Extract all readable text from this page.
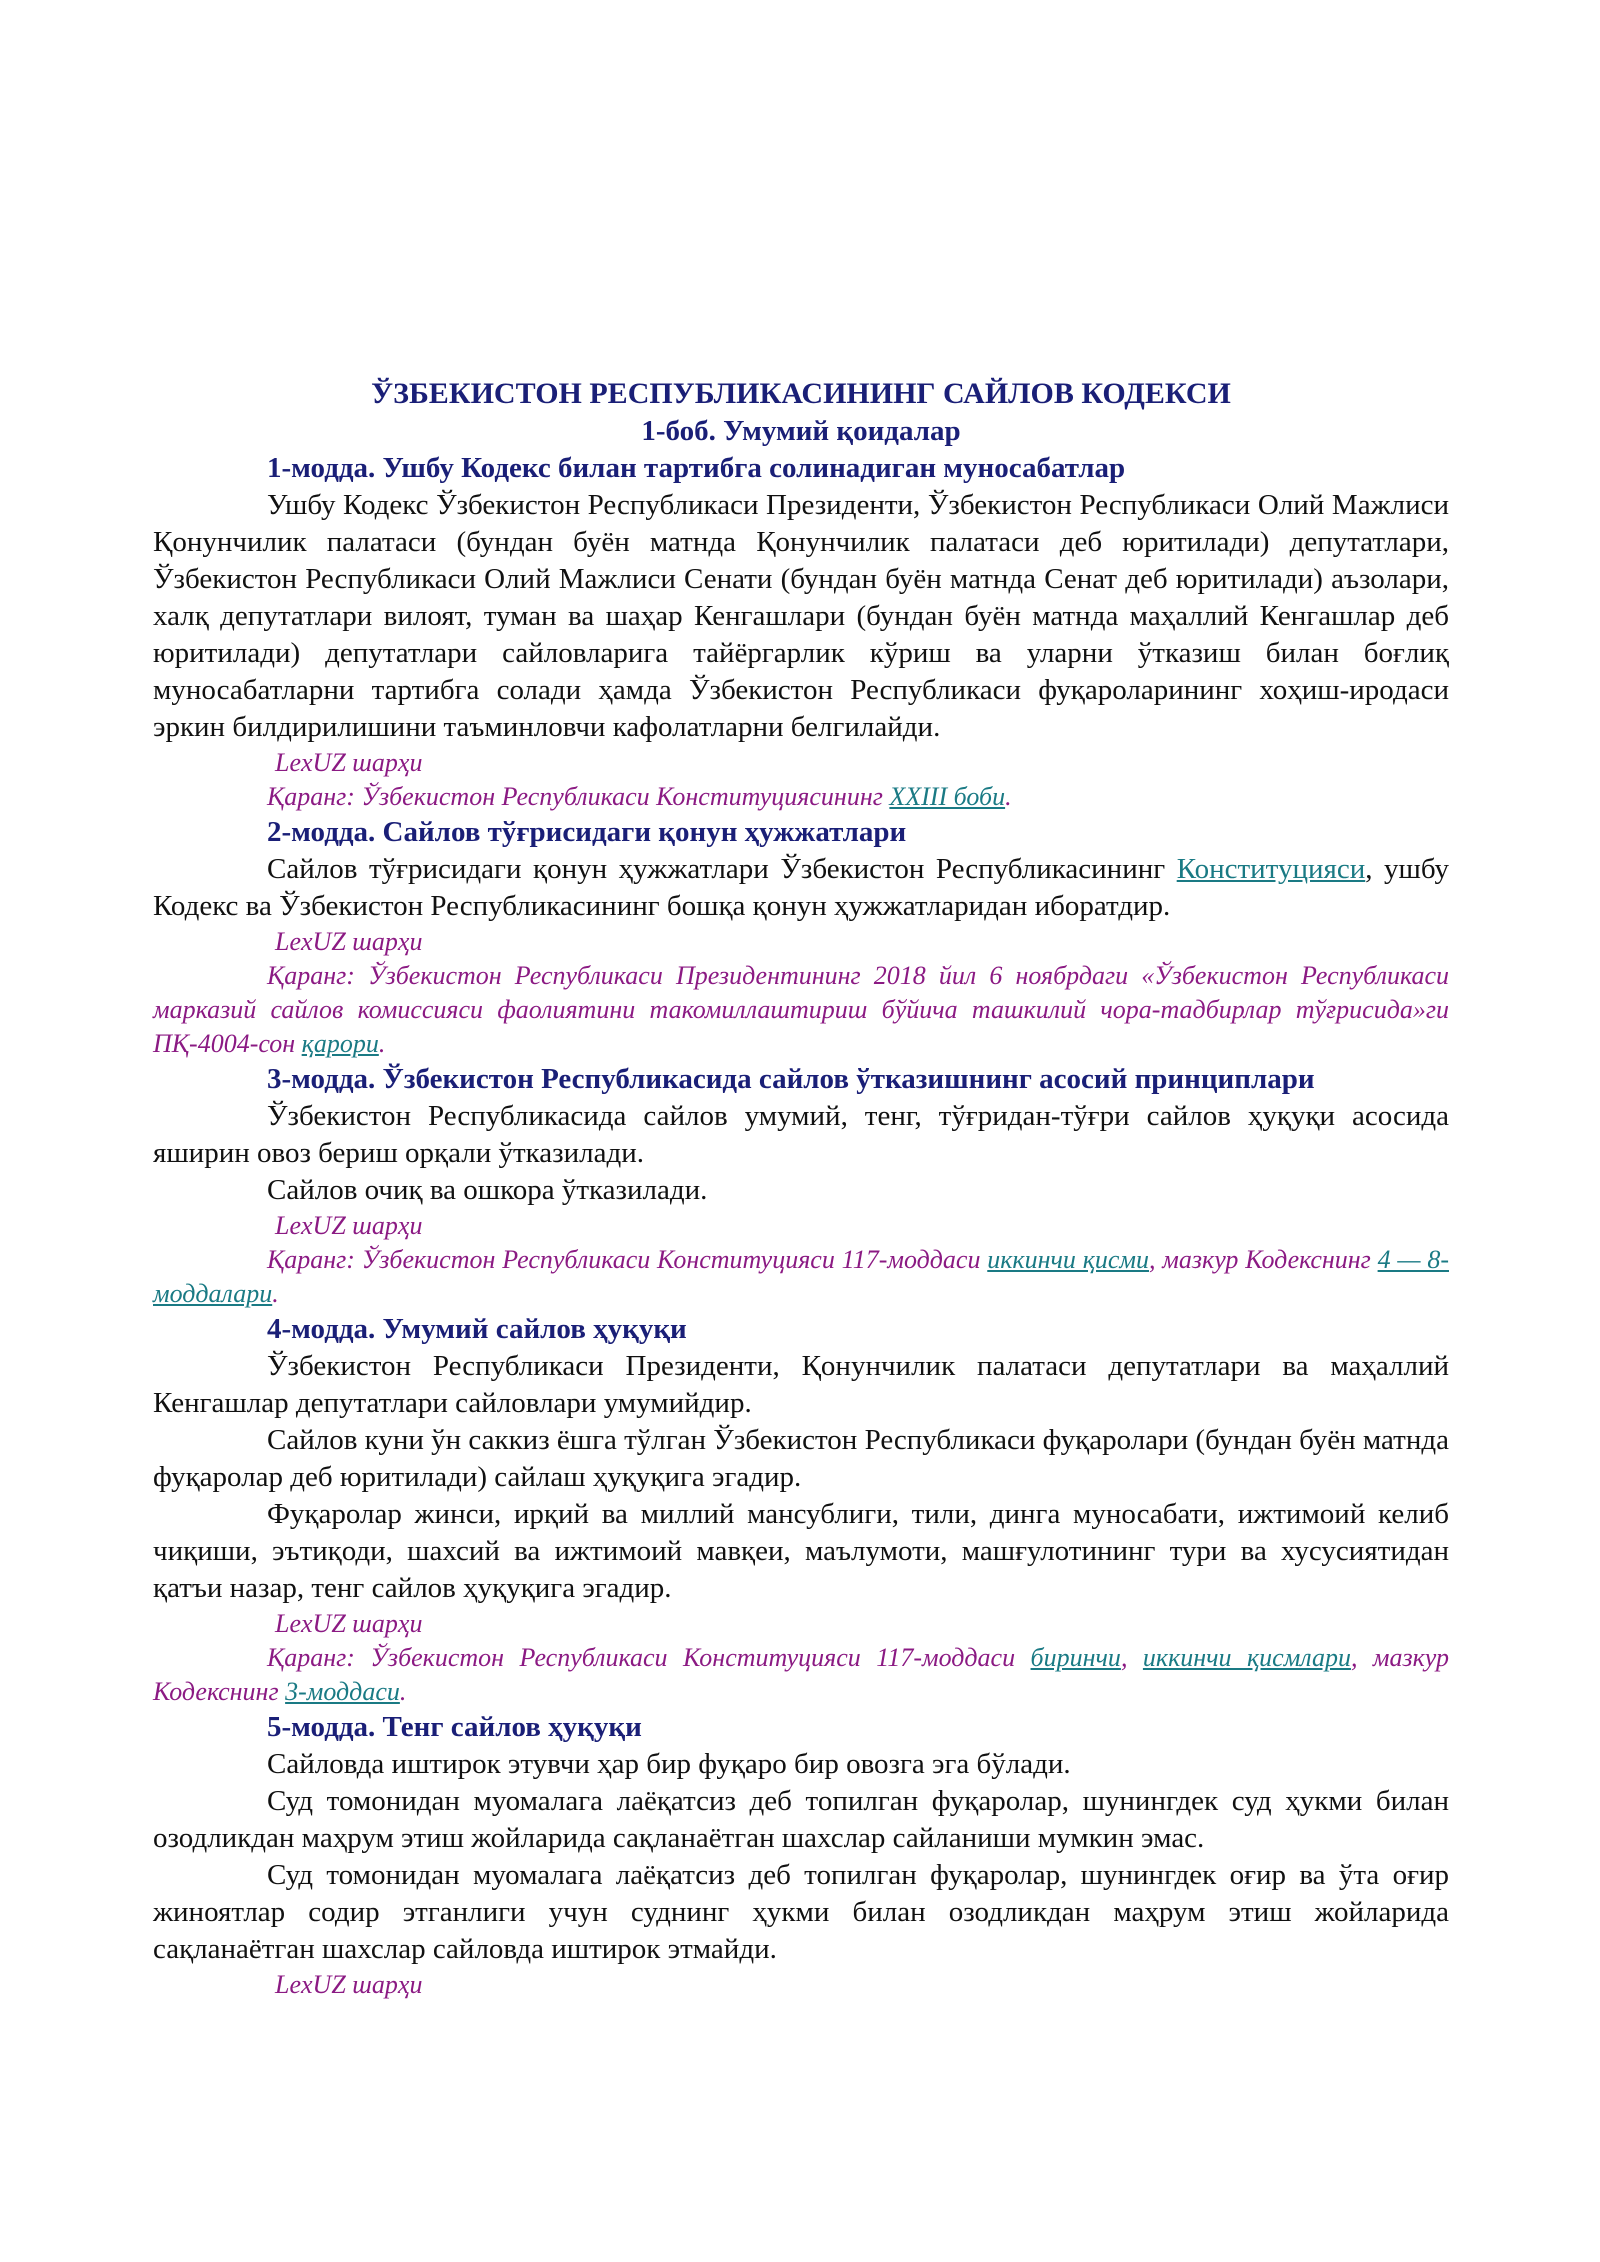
ЎЗБЕКИСТОН РЕСПУБЛИКАСИНИНГ САЙЛОВ КОДЕКСИ

1-боб. Умумий қоидалар

1-модда. Ушбу Кодекс билан тартибга солинадиган муносабатлар

Ушбу Кодекс Ўзбекистон Республикаси Президенти, Ўзбекистон Республикаси Олий Мажлиси Қонунчилик палатаси (бундан буён матнда Қонунчилик палатаси деб юритилади) депутатлари, Ўзбекистон Республикаси Олий Мажлиси Сенати (бундан буён матнда Сенат деб юритилади) аъзолари, халқ депутатлари вилоят, туман ва шаҳар Кенгашлари (бундан буён матнда маҳаллий Кенгашлар деб юритилади) депутатлари сайловларига тайёргарлик кўриш ва уларни ўтказиш билан боғлиқ муносабатларни тартибга солади ҳамда Ўзбекистон Республикаси фуқароларининг хоҳиш-иродаси эркин билдирилишини таъминловчи кафолатларни белгилайди.

LexUZ шарҳи

Қаранг: Ўзбекистон Республикаси Конституциясининг XXIII боби.

2-модда. Сайлов тўғрисидаги қонун ҳужжатлари

Сайлов тўғрисидаги қонун ҳужжатлари Ўзбекистон Республикасининг Конституцияси, ушбу Кодекс ва Ўзбекистон Республикасининг бошқа қонун ҳужжатларидан иборатдир.

LexUZ шарҳи

Қаранг: Ўзбекистон Республикаси Президентининг 2018 йил 6 ноябрдаги «Ўзбекистон Республикаси марказий сайлов комиссияси фаолиятини такомиллаштириш бўйича ташкилий чора-тадбирлар тўғрисида»ги ПҚ-4004-сон қарори.

3-модда. Ўзбекистон Республикасида сайлов ўтказишнинг асосий принциплари

Ўзбекистон Республикасида сайлов умумий, тенг, тўғридан-тўғри сайлов ҳуқуқи асосида яширин овоз бериш орқали ўтказилади.

Сайлов очиқ ва ошкора ўтказилади.

LexUZ шарҳи

Қаранг: Ўзбекистон Республикаси Конституцияси 117-моддаси иккинчи қисми, мазкур Кодекснинг 4 — 8-моддалари.

4-модда. Умумий сайлов ҳуқуқи

Ўзбекистон Республикаси Президенти, Қонунчилик палатаси депутатлари ва маҳаллий Кенгашлар депутатлари сайловлари умумийдир.

Сайлов куни ўн саккиз ёшга тўлган Ўзбекистон Республикаси фуқаролари (бундан буён матнда фуқаролар деб юритилади) сайлаш ҳуқуқига эгадир.

Фуқаролар жинси, ирқий ва миллий мансублиги, тили, динга муносабати, ижтимоий келиб чиқиши, эътиқоди, шахсий ва ижтимоий мавқеи, маълумоти, машғулотининг тури ва хусусиятидан қатъи назар, тенг сайлов ҳуқуқига эгадир.

LexUZ шарҳи

Қаранг: Ўзбекистон Республикаси Конституцияси 117-моддаси биринчи, иккинчи қисмлари, мазкур Кодекснинг 3-моддаси.

5-модда. Тенг сайлов ҳуқуқи

Сайловда иштирок этувчи ҳар бир фуқаро бир овозга эга бўлади.

Суд томонидан муомалага лаёқатсиз деб топилган фуқаролар, шунингдек суд ҳукми билан озодликдан маҳрум этиш жойларида сақланаётган шахслар сайланиши мумкин эмас.

Суд томонидан муомалага лаёқатсиз деб топилган фуқаролар, шунингдек оғир ва ўта оғир жиноятлар содир этганлиги учун суднинг ҳукми билан озодликдан маҳрум этиш жойларида сақланаётган шахслар сайловда иштирок этмайди.

LexUZ шарҳи
